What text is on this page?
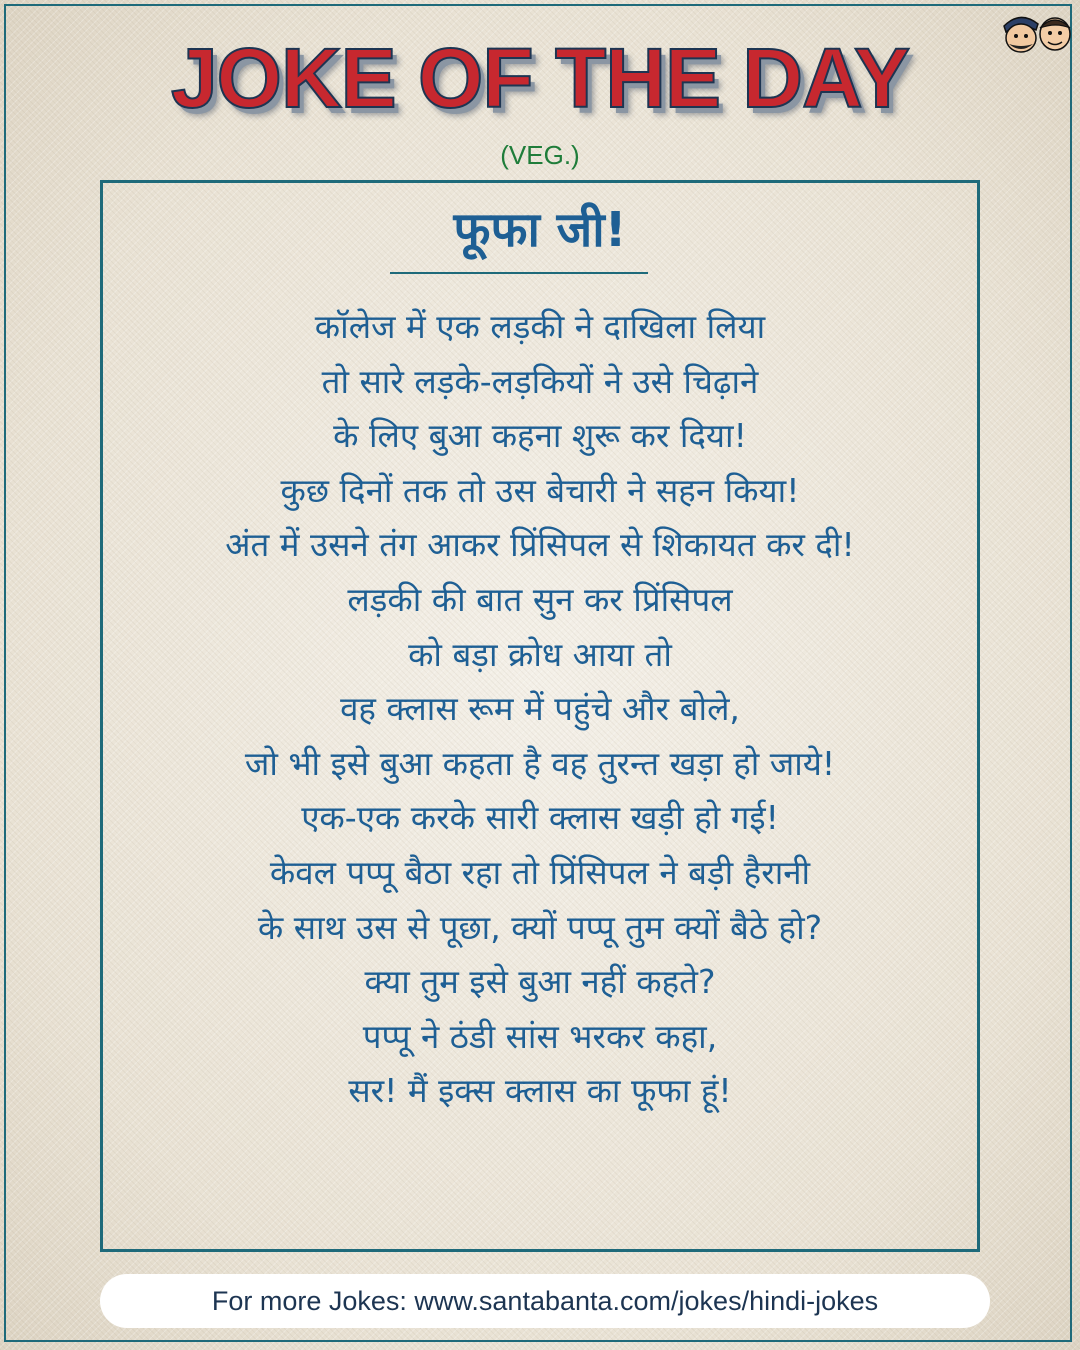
JOKE OF THE DAY
(VEG.)
फूफा जी!
कॉलेज में एक लड़की ने दाखिला लिया
तो सारे लड़के-लड़कियों ने उसे चिढ़ाने
के लिए बुआ कहना शुरू कर दिया!
कुछ दिनों तक तो उस बेचारी ने सहन किया!
अंत में उसने तंग आकर प्रिंसिपल से शिकायत कर दी!
लड़की की बात सुन कर प्रिंसिपल
को बड़ा क्रोध आया तो
वह क्लास रूम में पहुंचे और बोले,
जो भी इसे बुआ कहता है वह तुरन्त खड़ा हो जाये!
एक-एक करके सारी क्लास खड़ी हो गई!
केवल पप्पू बैठा रहा तो प्रिंसिपल ने बड़ी हैरानी
के साथ उस से पूछा, क्यों पप्पू तुम क्यों बैठे हो?
क्या तुम इसे बुआ नहीं कहते?
पप्पू ने ठंडी सांस भरकर कहा,
सर! मैं इक्स क्लास का फूफा हूं!
For more Jokes: www.santabanta.com/jokes/hindi-jokes
